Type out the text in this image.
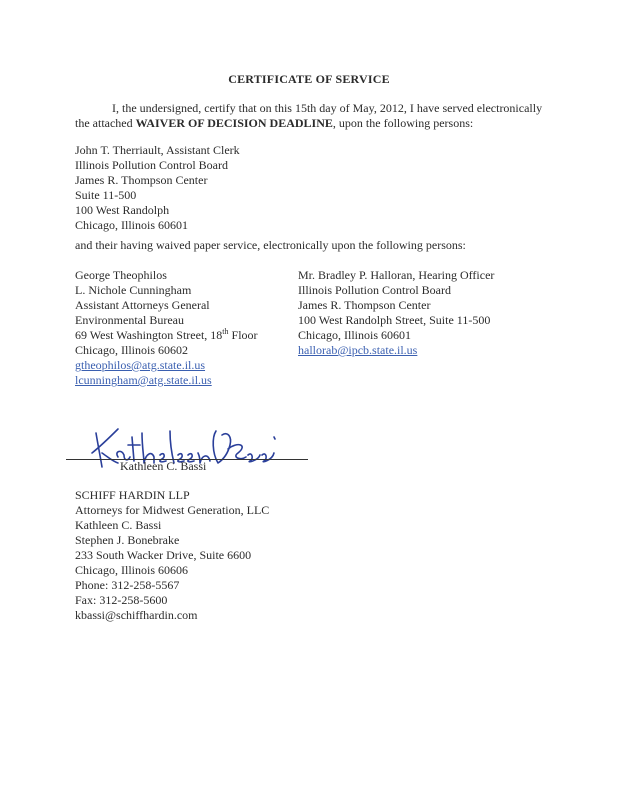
CERTIFICATE OF SERVICE
I, the undersigned, certify that on this 15th day of May, 2012, I have served electronically
the attached WAIVER OF DECISION DEADLINE, upon the following persons:
John T. Therriault, Assistant Clerk
Illinois Pollution Control Board
James R. Thompson Center
Suite 11-500
100 West Randolph
Chicago, Illinois 60601
and their having waived paper service, electronically upon the following persons:
George Theophilos
L. Nichole Cunningham
Assistant Attorneys General
Environmental Bureau
69 West Washington Street, 18th Floor
Chicago, Illinois 60602
gtheophilos@atg.state.il.us
lcunningham@atg.state.il.us
Mr. Bradley P. Halloran, Hearing Officer
Illinois Pollution Control Board
James R. Thompson Center
100 West Randolph Street, Suite 11-500
Chicago, Illinois 60601
hallorab@ipcb.state.il.us
Kathleen C. Bassi
SCHIFF HARDIN LLP
Attorneys for Midwest Generation, LLC
Kathleen C. Bassi
Stephen J. Bonebrake
233 South Wacker Drive, Suite 6600
Chicago, Illinois 60606
Phone: 312-258-5567
Fax: 312-258-5600
kbassi@schiffhardin.com
